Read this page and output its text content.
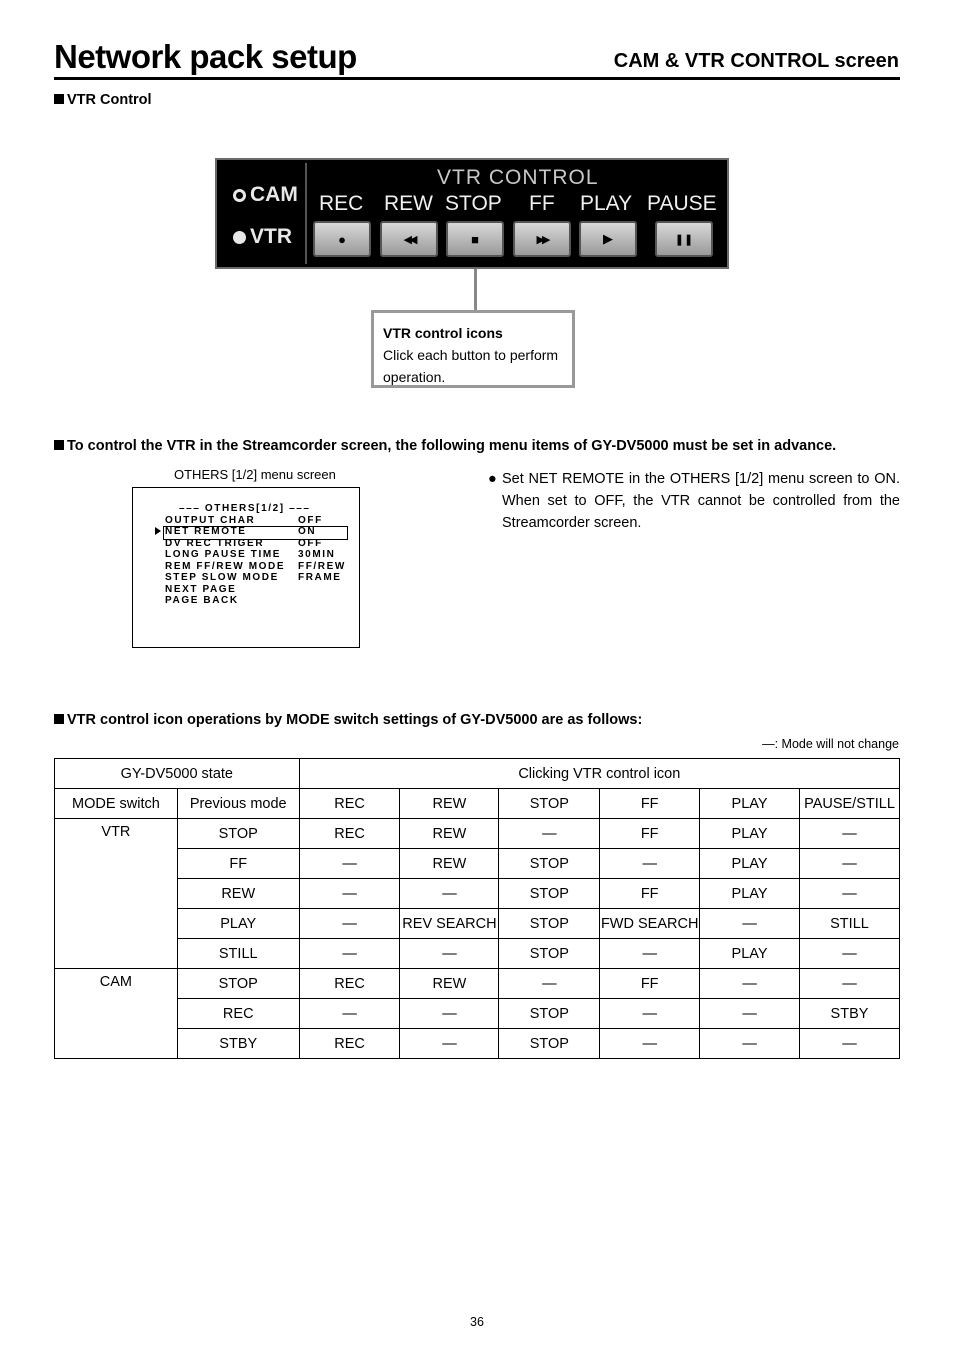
Network pack setup	CAM & VTR CONTROL screen
VTR Control
CAM
VTR
VTR CONTROL
REC REW STOP FF PLAY PAUSE
●	◀◀	■	▶▶	▶	❚❚
VTR control icons
Click each button to perform operation.
To control the VTR in the Streamcorder screen, the following menu items of GY-DV5000 must be set in advance.
OTHERS [1/2] menu screen
––– OTHERS[1/2] –––
OUTPUT CHAR	OFF
NET REMOTE	ON
DV REC TRIGER	OFF
LONG PAUSE TIME 30MIN
REM FF/REW MODE FF/REW
STEP SLOW MODE FRAME
NEXT PAGE
PAGE BACK
● Set NET REMOTE in the OTHERS [1/2] menu screen to ON. When set to OFF, the VTR cannot be controlled from the Streamcorder screen.
VTR control icon operations by MODE switch settings of GY-DV5000 are as follows:
—: Mode will not change
GY-DV5000 state		Clicking VTR control icon					
MODE switch	Previous mode	REC	REW	STOP	FF	PLAY	PAUSE/STILL
VTR	STOP	REC	REW	—	FF	PLAY	—
	FF	—	REW	STOP	—	PLAY	—
	REW	—	—	STOP	FF	PLAY	—
	PLAY	—	REV SEARCH	STOP	FWD SEARCH	—	STILL
	STILL	—	—	STOP	—	PLAY	—
CAM	STOP	REC	REW	—	FF	—	—
	REC	—	—	STOP	—	—	STBY
	STBY	REC	—	STOP	—	—	—
36
